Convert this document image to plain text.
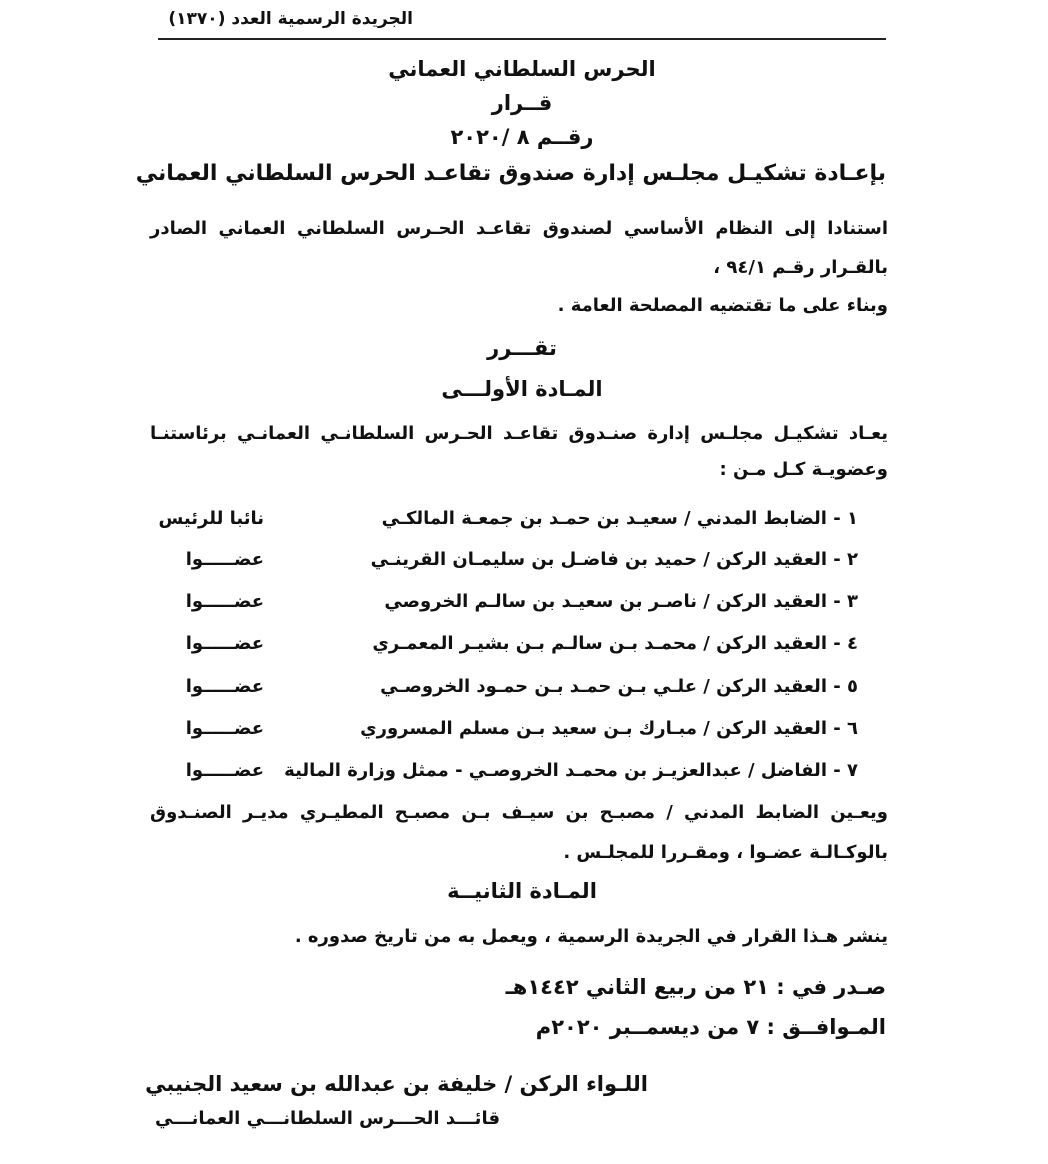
الجريدة الرسمية العدد (١٣٧٠)
الحرس السلطاني العماني
قــرار
رقــم ٨ /٢٠٢٠
بإعـادة تشكيـل مجلـس إدارة صندوق تقاعـد الحرس السلطاني العماني
استنادا إلى النظام الأساسي لصندوق تقاعـد الحـرس السلطاني العماني الصادر
بالقـرار رقـم ٩٤/١ ،
وبناء على ما تقتضيه المصلحة العامة .
تقـــرر
المـادة الأولـــى
يعـاد تشكيـل مجلـس إدارة صنـدوق تقاعـد الحـرس السلطانـي العمانـي برئاستنـا
وعضويـة كـل مـن :
١ - الضابط المدني / سعيـد بن حمـد بن جمعـة المالكـي
نائبا للرئيس
٢ - العقيد الركن / حميد بن فاضـل بن سليمـان القرينـي
عضـــــوا
٣ - العقيد الركن / ناصـر بن سعيـد بن سالـم الخروصي
عضـــــوا
٤ - العقيد الركن / محمـد بـن سالـم بـن بشيـر المعمـري
عضـــــوا
٥ - العقيد الركن / علـي بـن حمـد بـن حمـود الخروصـي
عضـــــوا
٦ - العقيد الركن / مبـارك بـن سعيد بـن مسلم المسروري
عضـــــوا
٧ - الفاضل / عبدالعزيـز بن محمـد الخروصـي - ممثل وزارة المالية
عضـــــوا
ويعـين الضابط المدني / مصبـح بن سيـف بـن مصبـح المطيـري مديـر الصنـدوق
بالوكـالـة عضـوا ، ومقـررا للمجلـس .
المـادة الثانيــة
ينشر هـذا القرار في الجريدة الرسمية ، ويعمل به من تاريخ صدوره .
صـدر في : ٢١ من ربيع الثاني ١٤٤٢هـ
المـوافــق : ٧ من ديسمــبر ٢٠٢٠م
اللـواء الركن / خليفة بن عبدالله بن سعيد الجنيبي
قائـــد الحـــرس السلطانـــي العمانـــي
